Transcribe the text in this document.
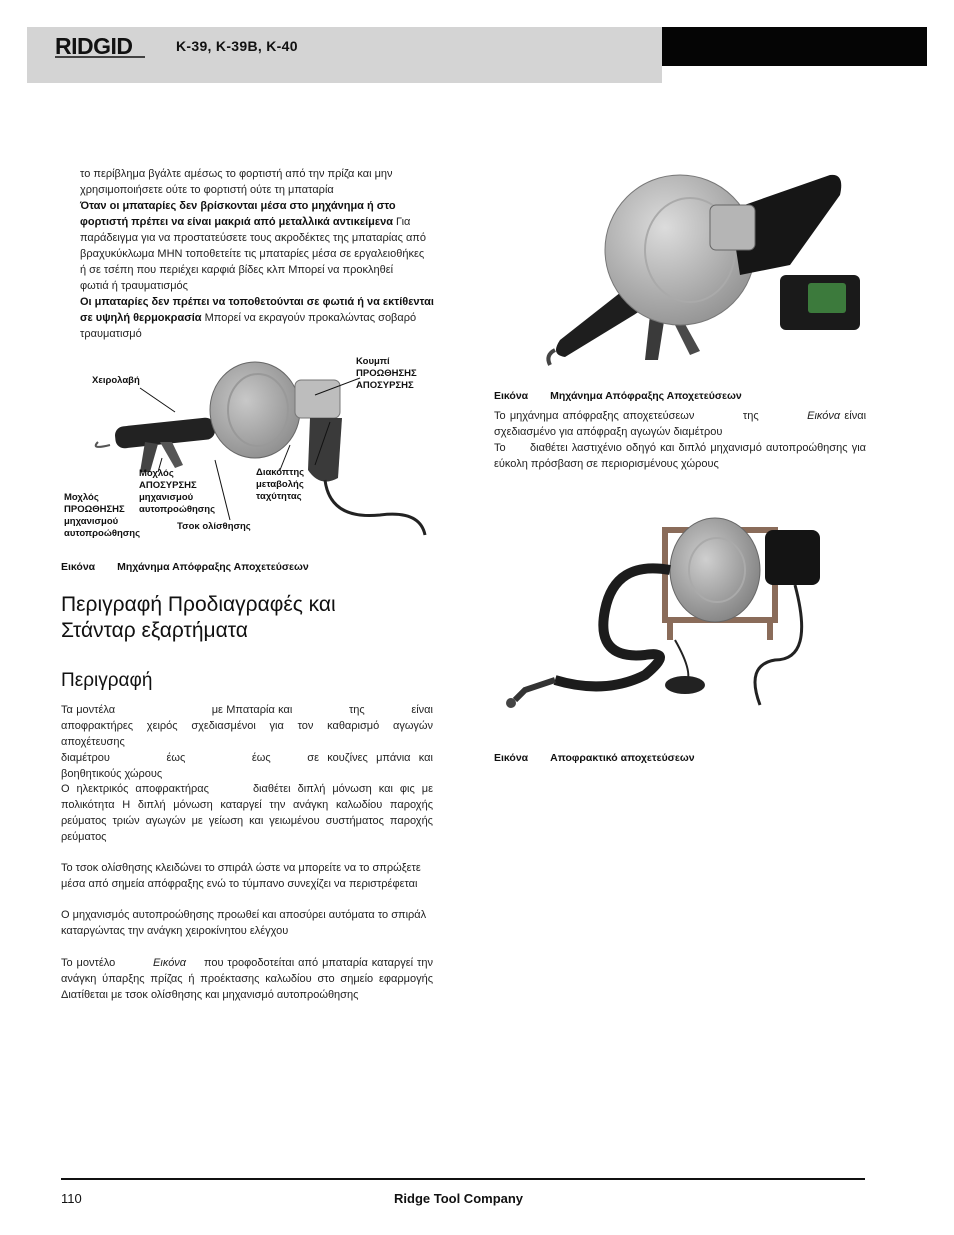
RIDGID	K-39, K-39B, K-40
το περίβλημα βγάλτε αμέσως το φορτιστή από την πρίζα και μην
χρησιμοποιήσετε ούτε το φορτιστή ούτε τη μπαταρία
Όταν οι μπαταρίες δεν βρίσκονται μέσα στο μηχάνημα ή στο
φορτιστή πρέπει να είναι μακριά από μεταλλικά αντικείμενα Για
παράδειγμα για να προστατεύσετε τους ακροδέκτες της μπαταρίας από
βραχυκύκλωμα ΜΗΝ τοποθετείτε τις μπαταρίες μέσα σε εργαλειοθήκες
ή σε τσέπη που περιέχει καρφιά βίδες κλπ Μπορεί να προκληθεί
φωτιά ή τραυματισμός
Οι μπαταρίες δεν πρέπει να τοποθετούνται σε φωτιά ή να εκτίθενται
σε υψηλή θερμοκρασία Μπορεί να εκραγούν προκαλώντας σοβαρό
τραυματισμό
Χειρολαβή
Κουμπί
ΠΡΟΩΘΗΣΗΣ
ΑΠΟΣΥΡΣΗΣ
Μοχλός
ΑΠΟΣΥΡΣΗΣ
μηχανισμού
αυτοπροώθησης
Διακόπτης
μεταβολής
ταχύτητας
Μοχλός
ΠΡΟΩΘΗΣΗΣ
μηχανισμού
αυτοπροώθησης
Τσοκ ολίσθησης
Εικόνα Μηχάνημα Απόφραξης Αποχετεύσεων
Περιγραφή Προδιαγραφές και
Στάνταρ εξαρτήματα
Περιγραφή
Τα μοντέλα	με Μπαταρία και	της	είναι
αποφρακτήρες χειρός σχεδιασμένοι για τον καθαρισμό αγωγών αποχέτευσης
διαμέτρου	έως	έως	σε κουζίνες μπάνια και
βοηθητικούς χώρους
Ο ηλεκτρικός αποφρακτήρας	διαθέτει διπλή μόνωση και φις με
πολικότητα Η διπλή μόνωση καταργεί την ανάγκη καλωδίου παροχής
ρεύματος τριών αγωγών με γείωση και γειωμένου συστήματος παροχής
ρεύματος
Το τσοκ ολίσθησης κλειδώνει το σπιράλ ώστε να μπορείτε να το σπρώξετε
μέσα από σημεία απόφραξης ενώ το τύμπανο συνεχίζει να περιστρέφεται
Ο μηχανισμός αυτοπροώθησης προωθεί και αποσύρει αυτόματα το σπιράλ
καταργώντας την ανάγκη χειροκίνητου ελέγχου
Το μοντέλο	Εικόνα που τροφοδοτείται από μπαταρία καταργεί την
ανάγκη ύπαρξης πρίζας ή προέκτασης καλωδίου στο σημείο εφαρμογής
Διατίθεται με τσοκ ολίσθησης και μηχανισμό αυτοπροώθησης
Εικόνα Μηχάνημα Απόφραξης Αποχετεύσεων
Το μηχάνημα απόφραξης αποχετεύσεων	της	Εικόνα είναι
σχεδιασμένο για απόφραξη αγωγών διαμέτρου
Το διαθέτει λαστιχένιο οδηγό και διπλό μηχανισμό αυτοπροώθησης για
εύκολη πρόσβαση σε περιορισμένους χώρους
Εικόνα Αποφρακτικό αποχετεύσεων
110	Ridge Tool Company
